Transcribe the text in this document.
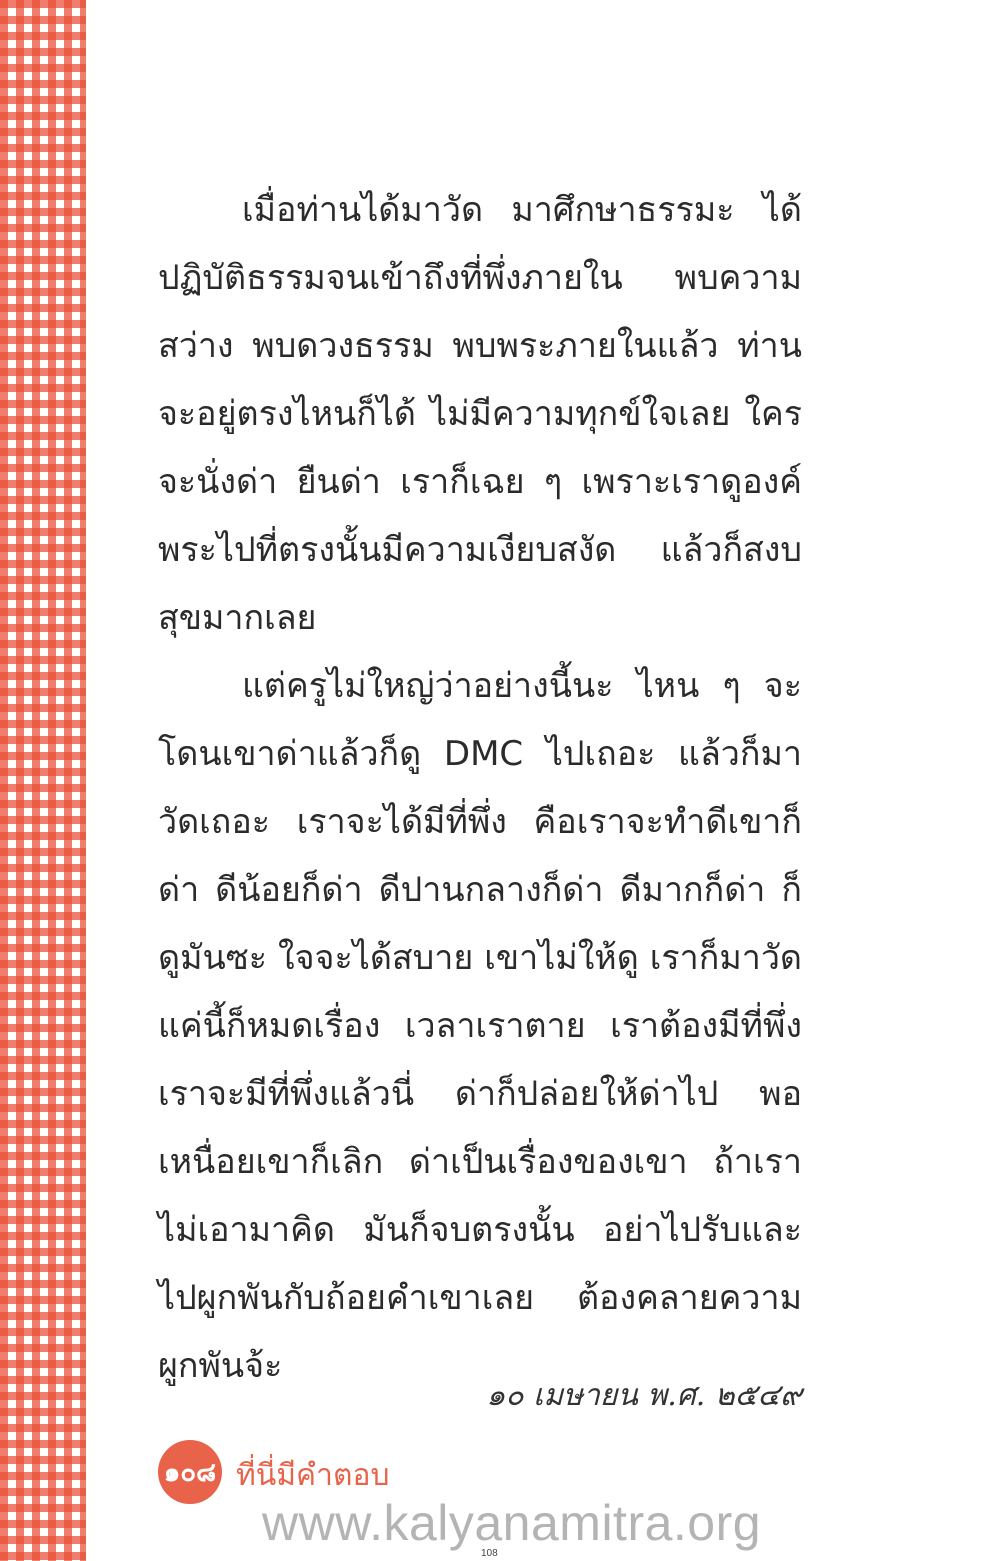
เมื่อท่านได้มาวัด มาศึกษาธรรมะ ได้ปฏิบัติธรรมจนเข้าถึงที่พึ่งภายใน พบความสว่าง พบดวงธรรม พบพระภายในแล้ว ท่านจะอยู่ตรงไหนก็ได้ ไม่มีความทุกข์ใจเลย ใครจะนั่งด่า ยืนด่า เราก็เฉย ๆ เพราะเราดูองค์พระไปที่ตรงนั้นมีความเงียบสงัด แล้วก็สงบสุขมากเลย

แต่ครูไม่ใหญ่ว่าอย่างนี้นะ ไหน ๆ จะโดนเขาด่าแล้วก็ดู DMC ไปเถอะ แล้วก็มาวัดเถอะ เราจะได้มีที่พึ่ง คือเราจะทำดีเขาก็ด่า ดีน้อยก็ด่า ดีปานกลางก็ด่า ดีมากก็ด่า ก็ดูมันซะ ใจจะได้สบาย เขาไม่ให้ดู เราก็มาวัด แค่นี้ก็หมดเรื่อง เวลาเราตาย เราต้องมีที่พึ่ง เราจะมีที่พึ่งแล้วนี่ ด่าก็ปล่อยให้ด่าไป พอเหนื่อยเขาก็เลิก ด่าเป็นเรื่องของเขา ถ้าเราไม่เอามาคิด มันก็จบตรงนั้น อย่าไปรับและไปผูกพันกับถ้อยคำเขาเลย ต้องคลายความผูกพันจ้ะ

๑๐ เมษายน พ.ศ. ๒๕๔๙
๑๐๘ ที่นี่มีคำตอบ
www.kalyanamitra.org
108
